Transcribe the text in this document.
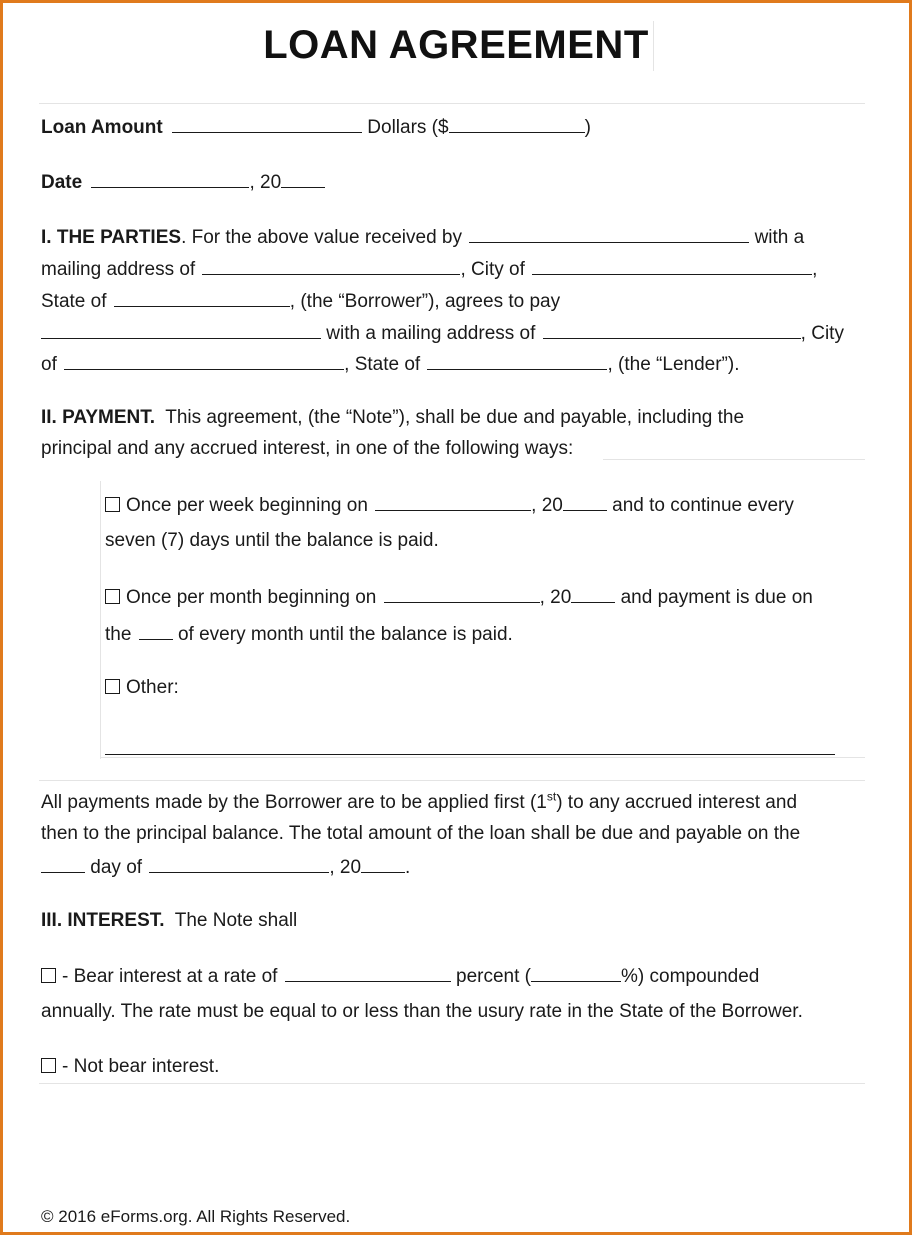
LOAN AGREEMENT
Loan Amount	Dollars ($	)
Date	, 20
I. THE PARTIES. For the above value received by	with a
mailing address of	, City of	,
State of	, (the “Borrower”), agrees to pay
with a mailing address of	, City
of	, State of	, (the “Lender”).
II. PAYMENT. This agreement, (the “Note”), shall be due and payable, including the
principal and any accrued interest, in one of the following ways:
Once per week beginning on	, 20	and to continue every
seven (7) days until the balance is paid.
Once per month beginning on	, 20	and payment is due on
the of every month until the balance is paid.
Other:
All payments made by the Borrower are to be applied first (1st) to any accrued interest and
then to the principal balance. The total amount of the loan shall be due and payable on the
day of	, 20 .
III. INTEREST. The Note shall
- Bear interest at a rate of	percent (	%) compounded
annually. The rate must be equal to or less than the usury rate in the State of the Borrower.
- Not bear interest.
© 2016 eForms.org. All Rights Reserved.
